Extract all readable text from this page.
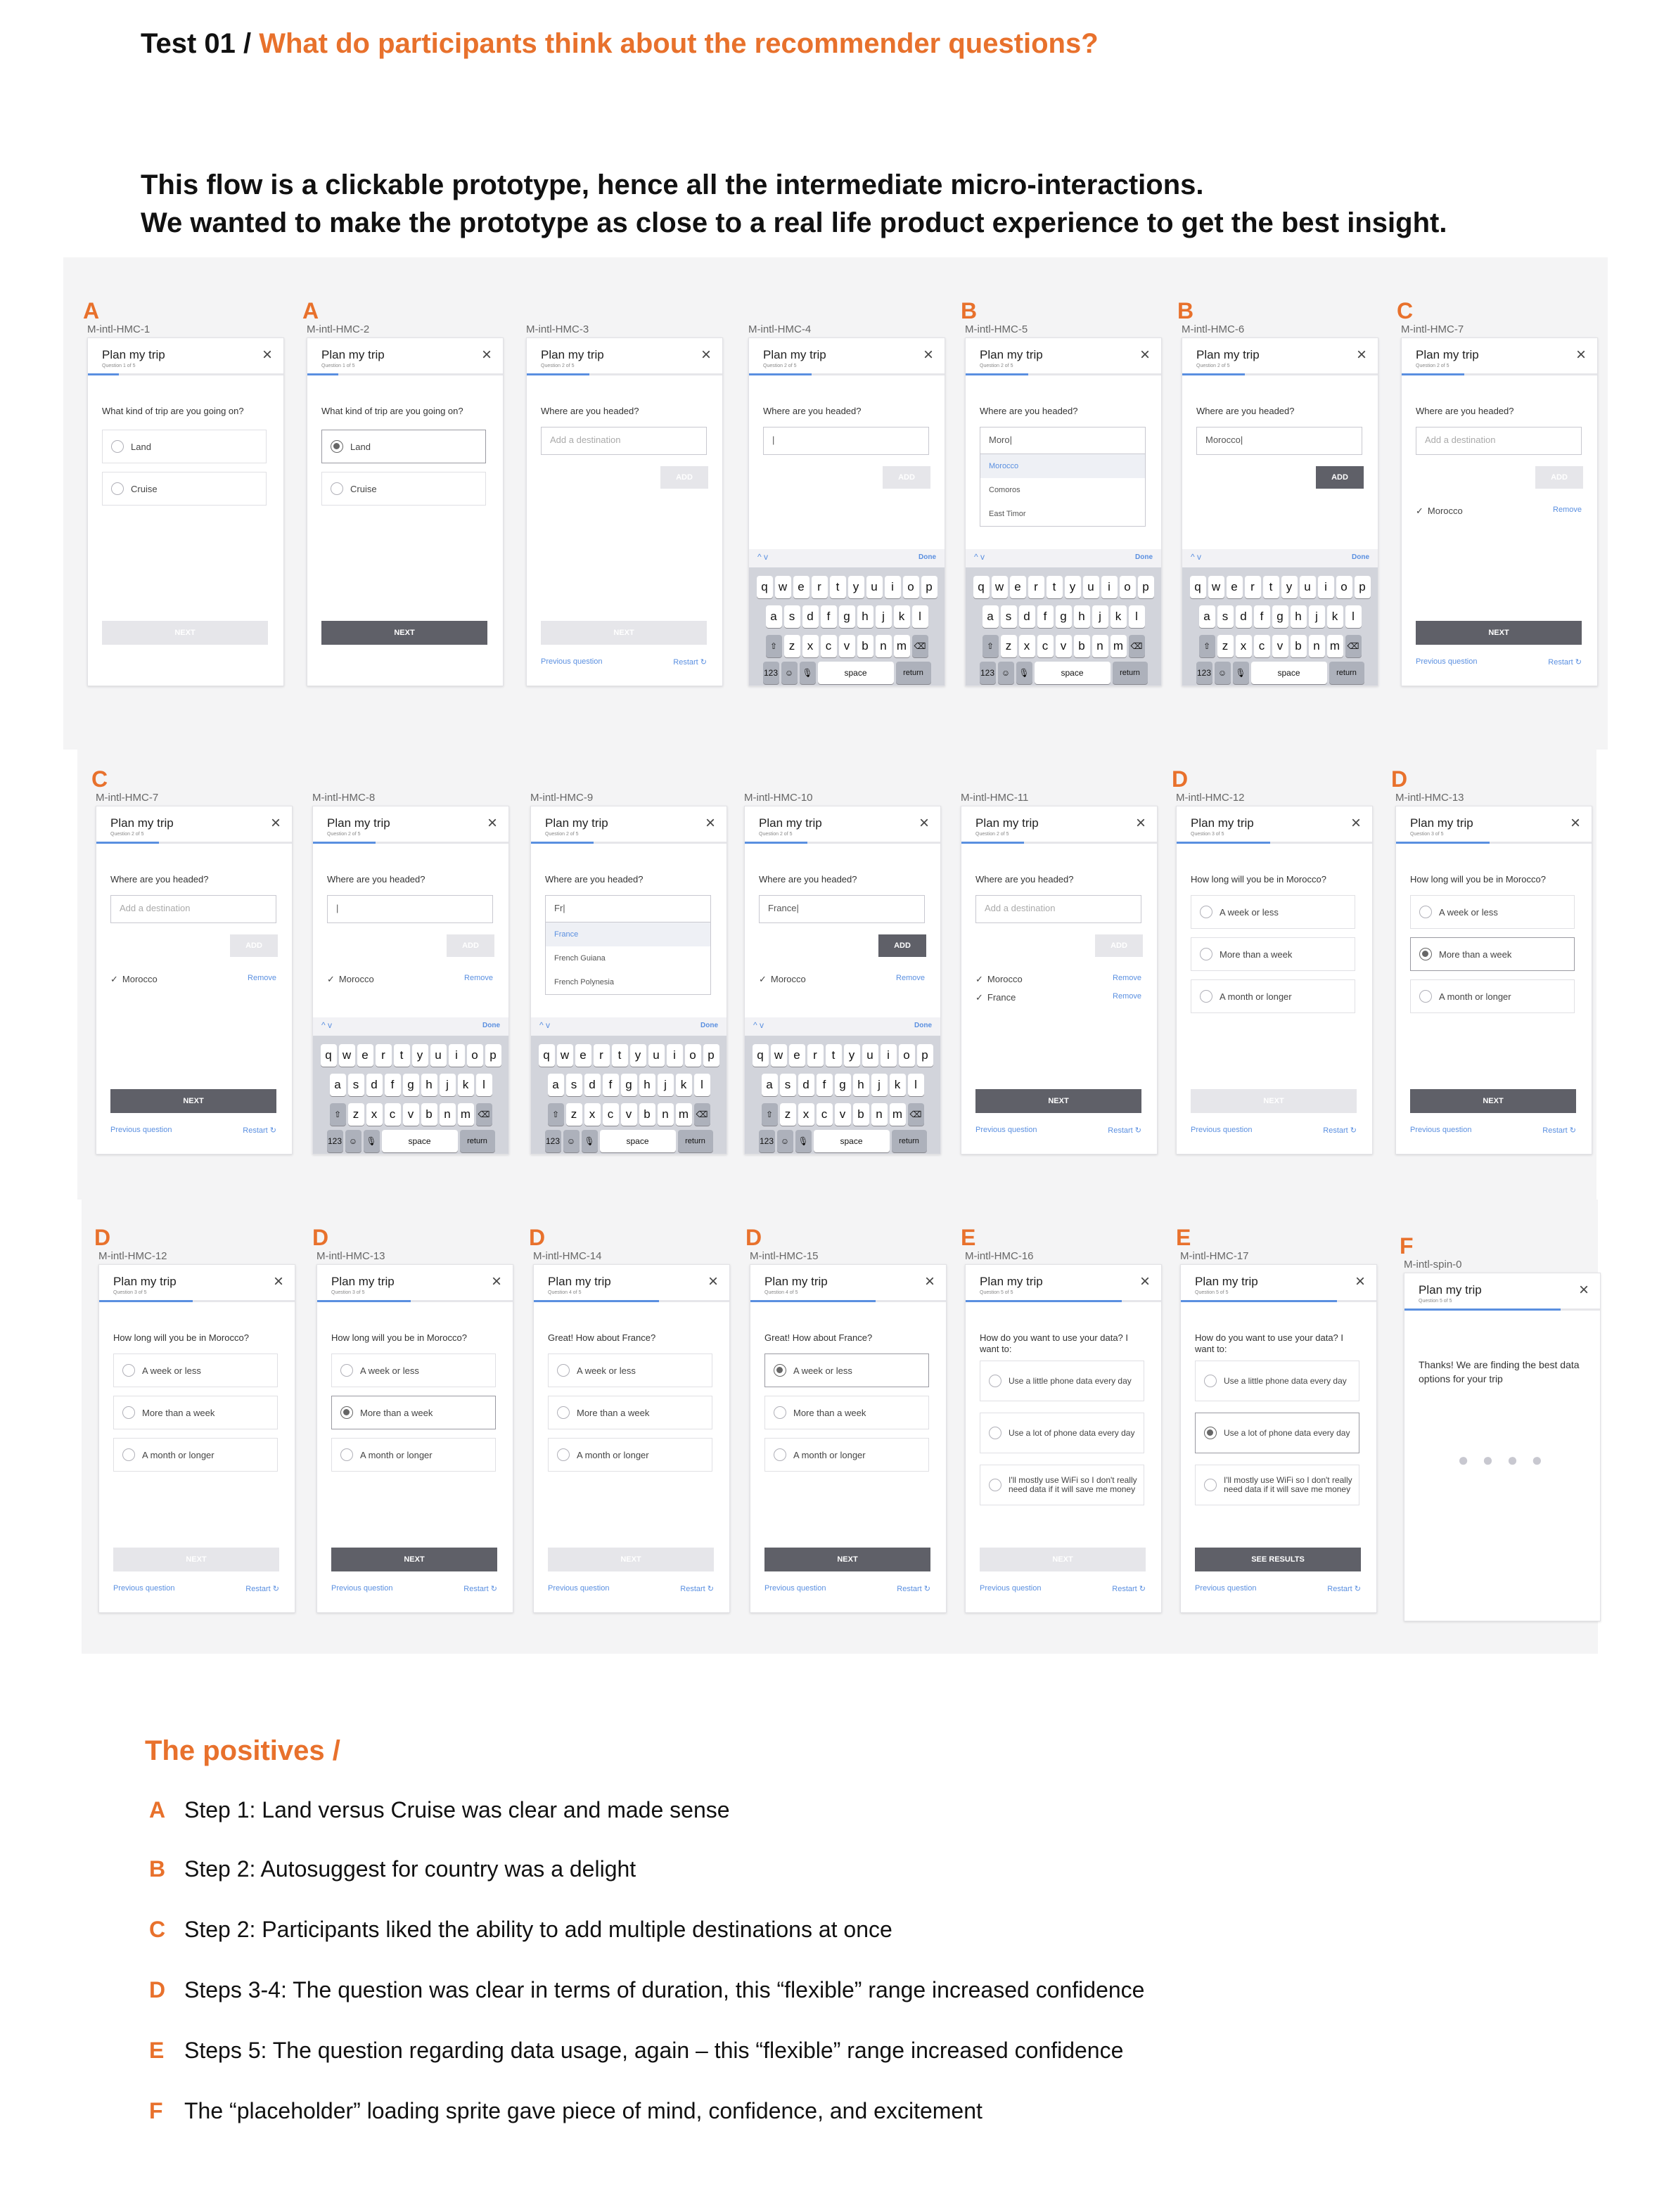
Test 01 / What do participants think about the recommender questions?
This flow is a clickable prototype, hence all the intermediate micro-interactions.
We wanted to make the prototype as close to a real life product experience to get the best insight.
A
M-intl-HMC-1
Plan my trip
Question 1 of 5
×
What kind of trip are you going on?
Land
Cruise
NEXT
A
M-intl-HMC-2
Plan my trip
Question 1 of 5
×
What kind of trip are you going on?
Land
Cruise
NEXT
M-intl-HMC-3
Plan my trip
Question 2 of 5
×
Where are you headed?
Add a destination
ADD
NEXT
Previous question	Restart ↻
M-intl-HMC-4
Plan my trip
Question 2 of 5
×
Where are you headed?
|
ADD
^ v	Done
q w e	r	t	y	u	i	o p
a	s	d	f	g h	j	k	l
⇧ z	x	c	v	b n m ⌫
123 ☺	🎙	space	return
B
M-intl-HMC-5
Plan my trip
Question 2 of 5
×
Where are you headed?
Moro|
Morocco
Comoros
East Timor
^ v	Done
q w e	r	t	y	u	i	o p
a	s	d	f	g h	j	k	l
⇧ z	x	c	v	b n m ⌫
123 ☺	🎙	space	return
B
M-intl-HMC-6
Plan my trip
Question 2 of 5
×
Where are you headed?
Morocco|
ADD
^ v	Done
q w e	r	t	y	u	i	o p
a	s	d	f	g h	j	k	l
⇧ z	x	c	v	b n m ⌫
123 ☺	🎙	space	return
C
M-intl-HMC-7
Plan my trip
Question 2 of 5
×
Where are you headed?
Add a destination
ADD
✓ Morocco	Remove
NEXT
Previous question	Restart ↻
C
M-intl-HMC-7
Plan my trip
Question 2 of 5
×
Where are you headed?
Add a destination
ADD
✓ Morocco	Remove
NEXT
Previous question	Restart ↻
M-intl-HMC-8
Plan my trip
Question 2 of 5
×
Where are you headed?
|
ADD
✓ Morocco	Remove
^ v	Done
q w e	r	t	y	u	i	o p
a	s	d	f	g h	j	k	l
⇧ z	x	c	v	b n m ⌫
123 ☺	🎙	space	return
M-intl-HMC-9
Plan my trip
Question 2 of 5
×
Where are you headed?
Fr|
France
French Guiana
French Polynesia
^ v	Done
q w e	r	t	y	u	i	o p
a	s	d	f	g h	j	k	l
⇧ z	x	c	v	b n m ⌫
123 ☺	🎙	space	return
M-intl-HMC-10
Plan my trip
Question 2 of 5
×
Where are you headed?
France|
ADD
✓ Morocco	Remove
^ v	Done
q w e	r	t	y	u	i	o p
a	s	d	f	g h	j	k	l
⇧ z	x	c	v	b n m ⌫
123 ☺	🎙	space	return
M-intl-HMC-11
Plan my trip
Question 2 of 5
×
Where are you headed?
Add a destination
ADD
✓ Morocco	Remove
✓ France	Remove
NEXT
Previous question	Restart ↻
D
M-intl-HMC-12
Plan my trip
Question 3 of 5
×
How long will you be in Morocco?
A week or less
More than a week
A month or longer
NEXT
Previous question	Restart ↻
D
M-intl-HMC-13
Plan my trip
Question 3 of 5
×
How long will you be in Morocco?
A week or less
More than a week
A month or longer
NEXT
Previous question	Restart ↻
D
M-intl-HMC-12
Plan my trip
Question 3 of 5
×
How long will you be in Morocco?
A week or less
More than a week
A month or longer
NEXT
Previous question	Restart ↻
D
M-intl-HMC-13
Plan my trip
Question 3 of 5
×
How long will you be in Morocco?
A week or less
More than a week
A month or longer
NEXT
Previous question	Restart ↻
D
M-intl-HMC-14
Plan my trip
Question 4 of 5
×
Great! How about France?
A week or less
More than a week
A month or longer
NEXT
Previous question	Restart ↻
D
M-intl-HMC-15
Plan my trip
Question 4 of 5
×
Great! How about France?
A week or less
More than a week
A month or longer
NEXT
Previous question	Restart ↻
E
M-intl-HMC-16
Plan my trip
Question 5 of 5
×
How do you want to use your data? I want to:
Use a little phone data every day
Use a lot of phone data every day
I'll mostly use WiFi so I don't really need data if it will save me money
NEXT
Previous question	Restart ↻
E
M-intl-HMC-17
Plan my trip
Question 5 of 5
×
How do you want to use your data? I want to:
Use a little phone data every day
Use a lot of phone data every day
I'll mostly use WiFi so I don't really need data if it will save me money
SEE RESULTS
Previous question	Restart ↻
F
M-intl-spin-0
Plan my trip
Question 5 of 5
×
Thanks! We are finding the best data options for your trip
● ● ● ●
The positives /
A Step 1: Land versus Cruise was clear and made sense
B Step 2: Autosuggest for country was a delight
C Step 2: Participants liked the ability to add multiple destinations at once
D Steps 3-4: The question was clear in terms of duration, this “flexible” range increased confidence
E Steps 5: The question regarding data usage, again – this “flexible” range increased confidence
F The “placeholder” loading sprite gave piece of mind, confidence, and excitement
